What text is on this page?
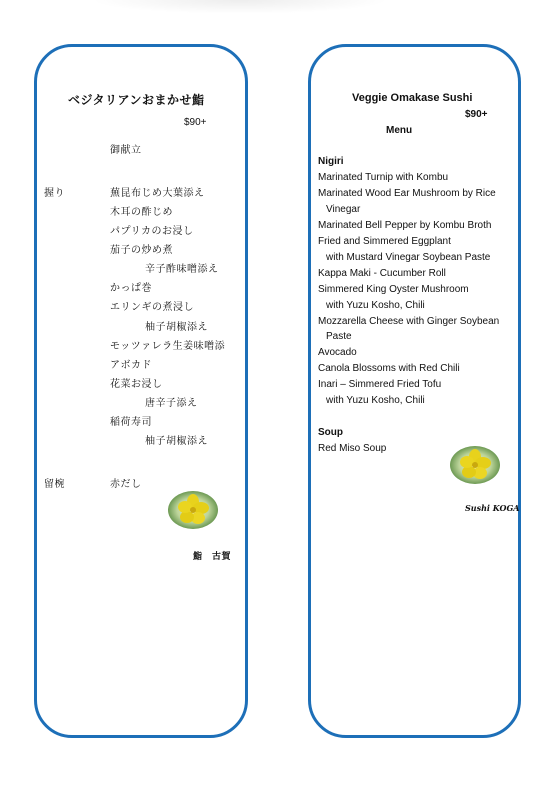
ベジタリアンおまかせ鮨
$90+
御献立
握り	蕪昆布じめ大葉添え
木耳の酢じめ
パプリカのお浸し
茄子の炒め煮
辛子酢味噌添え
かっぱ巻
エリンギの煮浸し
柚子胡椒添え
モッツァレラ生姜味噌添
アボカド
花菜お浸し
唐辛子添え
稲荷寿司
柚子胡椒添え
留椀	赤だし
鮨　古賀
Veggie Omakase Sushi
$90+
Menu
Nigiri
Marinated Turnip with Kombu
Marinated Wood Ear Mushroom by Rice
Vinegar
Marinated Bell Pepper by Kombu Broth
Fried and Simmered Eggplant
with Mustard Vinegar Soybean Paste
Kappa Maki - Cucumber Roll
Simmered King Oyster Mushroom
with Yuzu Kosho, Chili
Mozzarella Cheese with Ginger Soybean
Paste
Avocado
Canola Blossoms with Red Chili
Inari – Simmered Fried Tofu
with Yuzu Kosho, Chili
Soup
Red Miso Soup
Sushi KOGA
